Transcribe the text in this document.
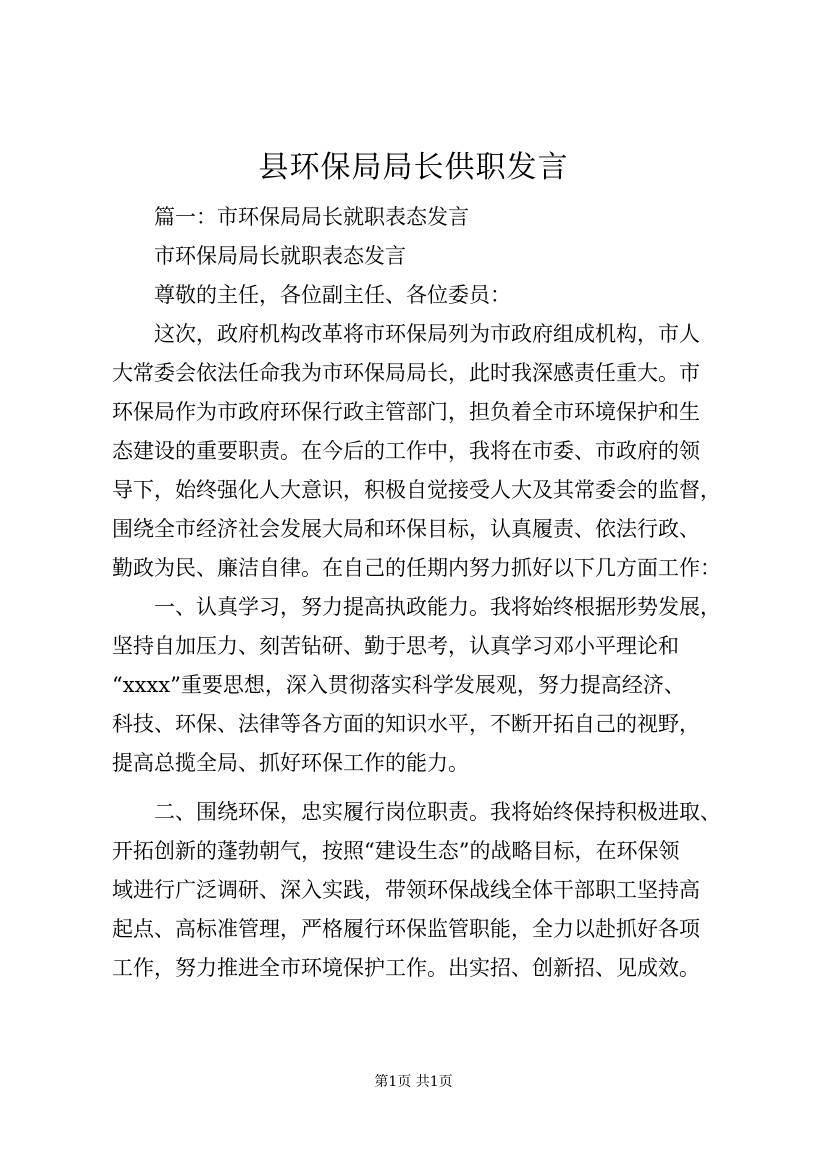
县环保局局长供职发言
篇一：市环保局局长就职表态发言
市环保局局长就职表态发言
尊敬的主任，各位副主任、各位委员：
这次，政府机构改革将市环保局列为市政府组成机构，市人
大常委会依法任命我为市环保局局长，此时我深感责任重大。市
环保局作为市政府环保行政主管部门，担负着全市环境保护和生
态建设的重要职责。在今后的工作中，我将在市委、市政府的领
导下，始终强化人大意识，积极自觉接受人大及其常委会的监督，
围绕全市经济社会发展大局和环保目标，认真履责、依法行政、
勤政为民、廉洁自律。在自己的任期内努力抓好以下几方面工作：
一、认真学习，努力提高执政能力。我将始终根据形势发展，
坚持自加压力、刻苦钻研、勤于思考，认真学习邓小平理论和
“xxxx”重要思想，深入贯彻落实科学发展观，努力提高经济、
科技、环保、法律等各方面的知识水平，不断开拓自己的视野，
提高总揽全局、抓好环保工作的能力。
二、围绕环保，忠实履行岗位职责。我将始终保持积极进取、
开拓创新的蓬勃朝气，按照“建设生态”的战略目标，在环保领
域进行广泛调研、深入实践，带领环保战线全体干部职工坚持高
起点、高标准管理，严格履行环保监管职能，全力以赴抓好各项
工作，努力推进全市环境保护工作。出实招、创新招、见成效。
第1页 共1页
